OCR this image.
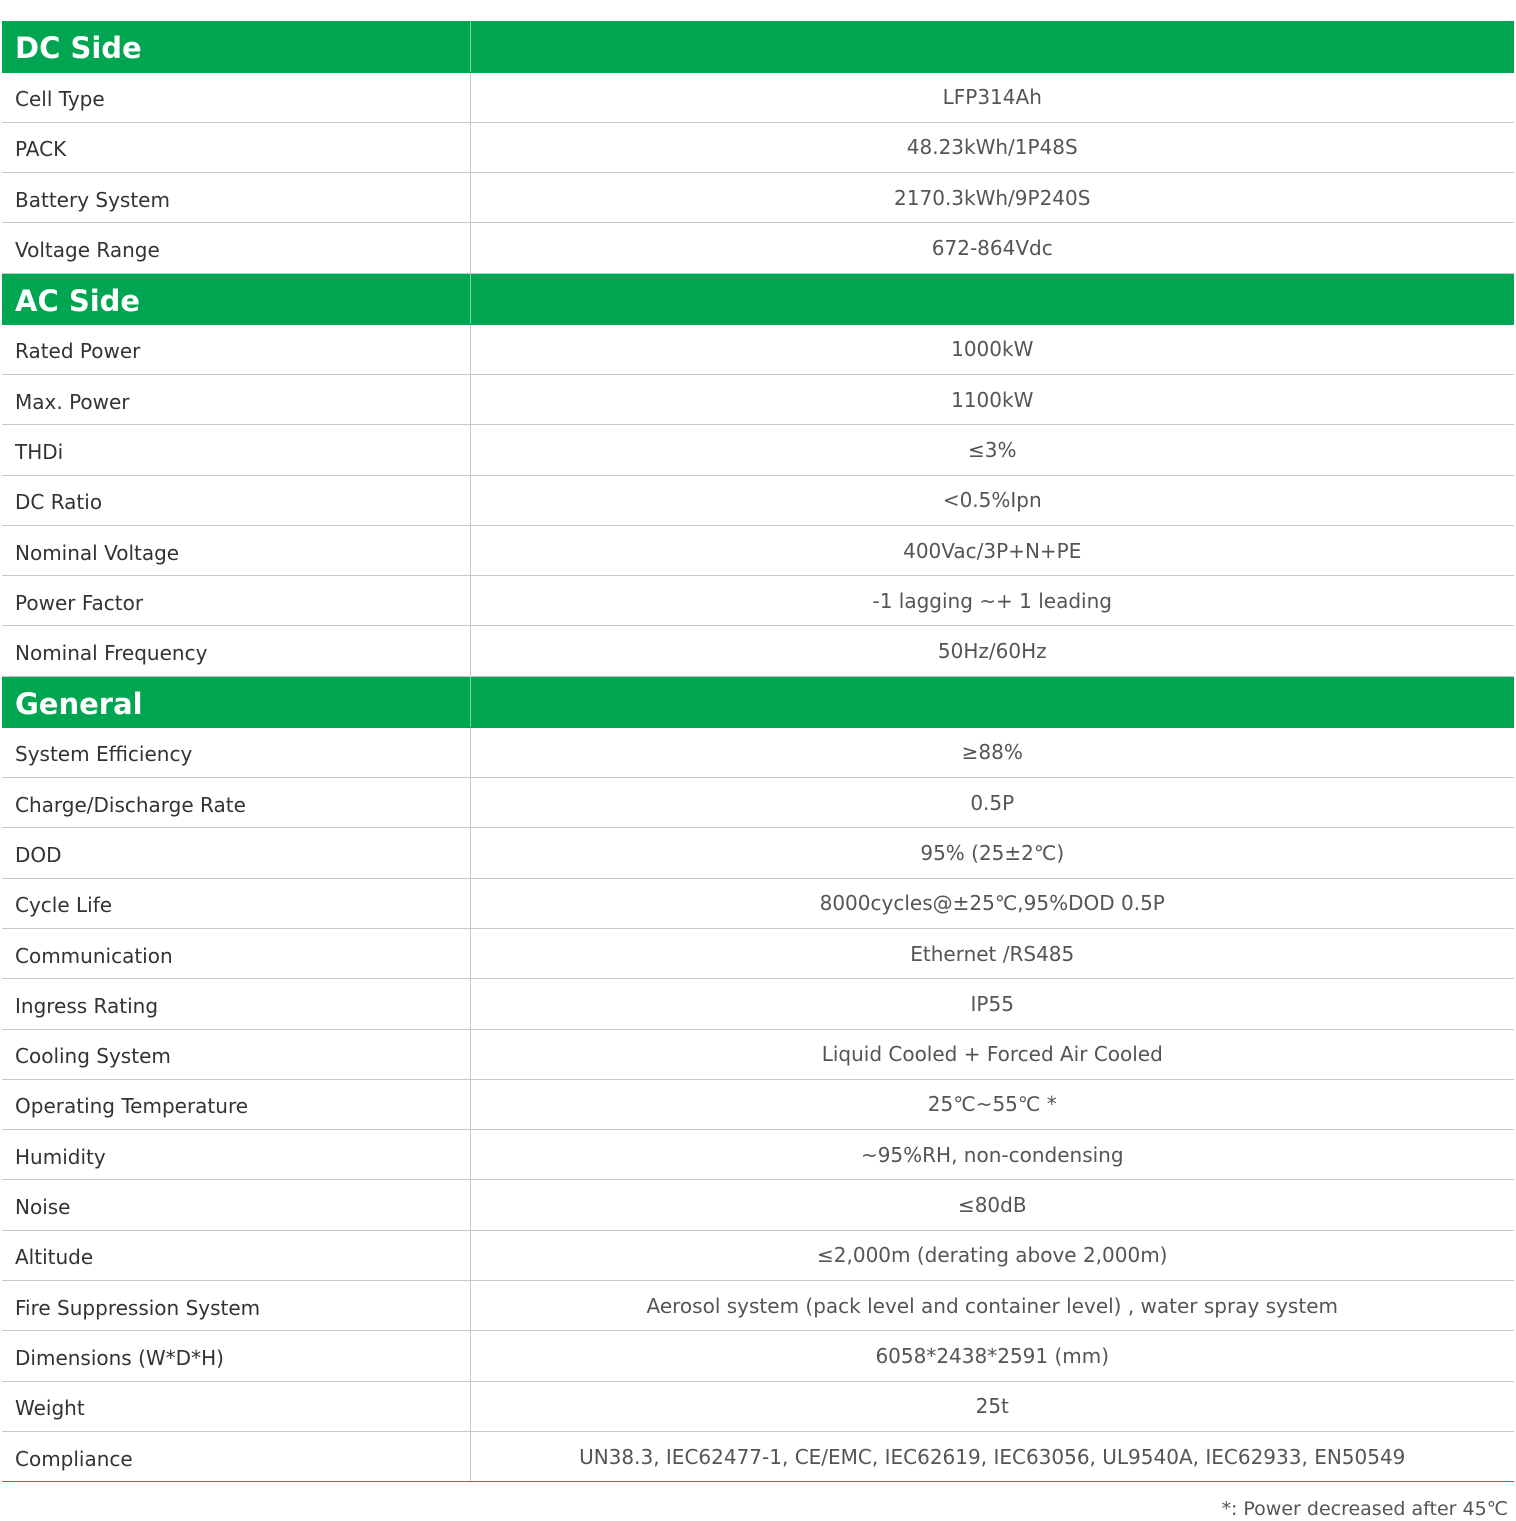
DC Side	
Cell Type	LFP314Ah
PACK	48.23kWh/1P48S
Battery System	2170.3kWh/9P240S
Voltage Range	672-864Vdc
AC Side	
Rated Power	1000kW
Max. Power	1100kW
THDi	≤3%
DC Ratio	<0.5%Ipn
Nominal Voltage	400Vac/3P+N+PE
Power Factor	-1 lagging ~+ 1 leading
Nominal Frequency	50Hz/60Hz
General	
System Efficiency	≥88%
Charge/Discharge Rate	0.5P
DOD	95% (25±2℃)
Cycle Life	8000cycles@±25℃,95%DOD 0.5P
Communication	Ethernet /RS485
Ingress Rating	IP55
Cooling System	Liquid Cooled + Forced Air Cooled
Operating Temperature	25℃~55℃ *
Humidity	~95%RH, non-condensing
Noise	≤80dB
Altitude	≤2,000m (derating above 2,000m)
Fire Suppression System	Aerosol system (pack level and container level) , water spray system
Dimensions (W*D*H)	6058*2438*2591 (mm)
Weight	25t
Compliance	UN38.3, IEC62477-1, CE/EMC, IEC62619, IEC63056, UL9540A, IEC62933, EN50549
*: Power decreased after 45℃
